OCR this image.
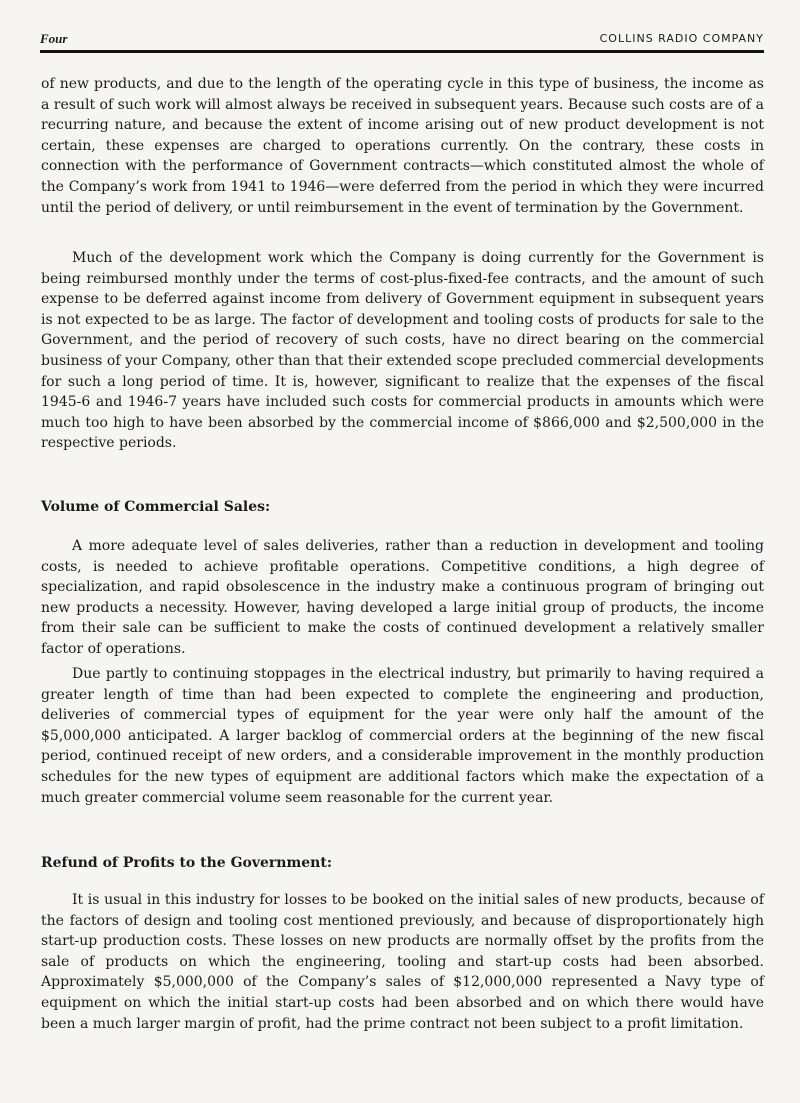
Four	COLLINS RADIO COMPANY

of new products, and due to the length of the operating cycle in this type of business, the income as a result of such work will almost always be received in subsequent years. Because such costs are of a recurring nature, and because the extent of income arising out of new product development is not certain, these expenses are charged to operations currently. On the contrary, these costs in connection with the performance of Government contracts—which constituted almost the whole of the Company’s work from 1941 to 1946—were deferred from the period in which they were incurred until the period of delivery, or until reimbursement in the event of termination by the Government.

Much of the development work which the Company is doing currently for the Government is being reimbursed monthly under the terms of cost-plus-fixed-fee contracts, and the amount of such expense to be deferred against income from delivery of Government equipment in subsequent years is not expected to be as large. The factor of development and tooling costs of products for sale to the Government, and the period of recovery of such costs, have no direct bearing on the commercial business of your Company, other than that their extended scope precluded commercial developments for such a long period of time. It is, however, significant to realize that the expenses of the fiscal 1945-6 and 1946-7 years have included such costs for commercial products in amounts which were much too high to have been absorbed by the commercial income of $866,000 and $2,500,000 in the respective periods.

Volume of Commercial Sales:

A more adequate level of sales deliveries, rather than a reduction in development and tooling costs, is needed to achieve profitable operations. Competitive conditions, a high degree of specialization, and rapid obsolescence in the industry make a continuous program of bringing out new products a necessity. However, having developed a large initial group of products, the income from their sale can be sufficient to make the costs of continued development a relatively smaller factor of operations.

Due partly to continuing stoppages in the electrical industry, but primarily to having required a greater length of time than had been expected to complete the engineering and production, deliveries of commercial types of equipment for the year were only half the amount of the $5,000,000 anticipated. A larger backlog of commercial orders at the beginning of the new fiscal period, continued receipt of new orders, and a considerable improvement in the monthly production schedules for the new types of equipment are additional factors which make the expectation of a much greater commercial volume seem reasonable for the current year.

Refund of Profits to the Government:

It is usual in this industry for losses to be booked on the initial sales of new products, because of the factors of design and tooling cost mentioned previously, and because of disproportionately high start-up production costs. These losses on new products are normally offset by the profits from the sale of products on which the engineering, tooling and start-up costs had been absorbed. Approximately $5,000,000 of the Company’s sales of $12,000,000 represented a Navy type of equipment on which the initial start-up costs had been absorbed and on which there would have been a much larger margin of profit, had the prime contract not been subject to a profit limitation.
